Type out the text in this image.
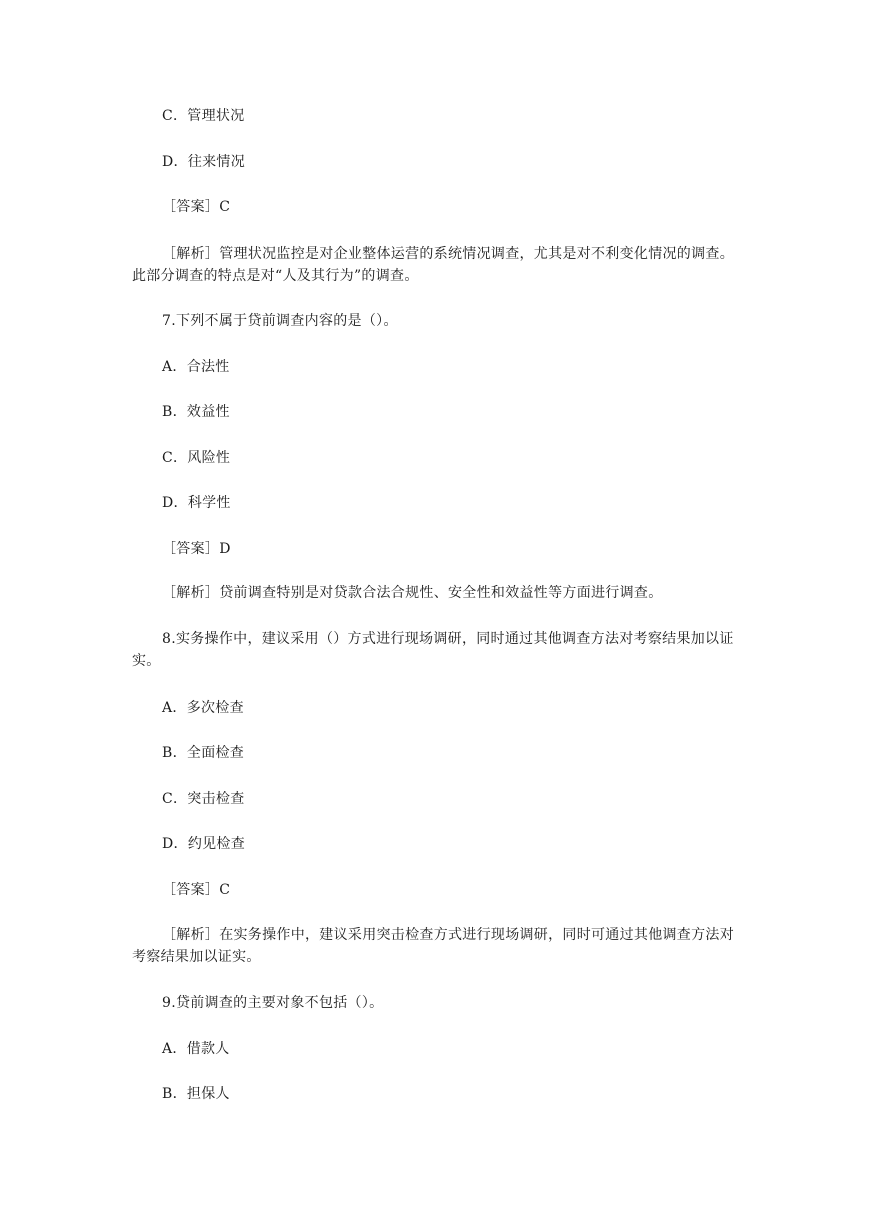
C．管理状况
D．往来情况
［答案］C
［解析］管理状况监控是对企业整体运营的系统情况调查，尤其是对不利变化情况的调查。此部分调查的特点是对“人及其行为”的调查。
7.下列不属于贷前调查内容的是（）。
A．合法性
B．效益性
C．风险性
D．科学性
［答案］D
［解析］贷前调查特别是对贷款合法合规性、安全性和效益性等方面进行调查。
8.实务操作中，建议采用（）方式进行现场调研，同时通过其他调查方法对考察结果加以证实。
A．多次检查
B．全面检查
C．突击检查
D．约见检查
［答案］C
［解析］在实务操作中，建议采用突击检查方式进行现场调研，同时可通过其他调查方法对考察结果加以证实。
9.贷前调查的主要对象不包括（）。
A．借款人
B．担保人
